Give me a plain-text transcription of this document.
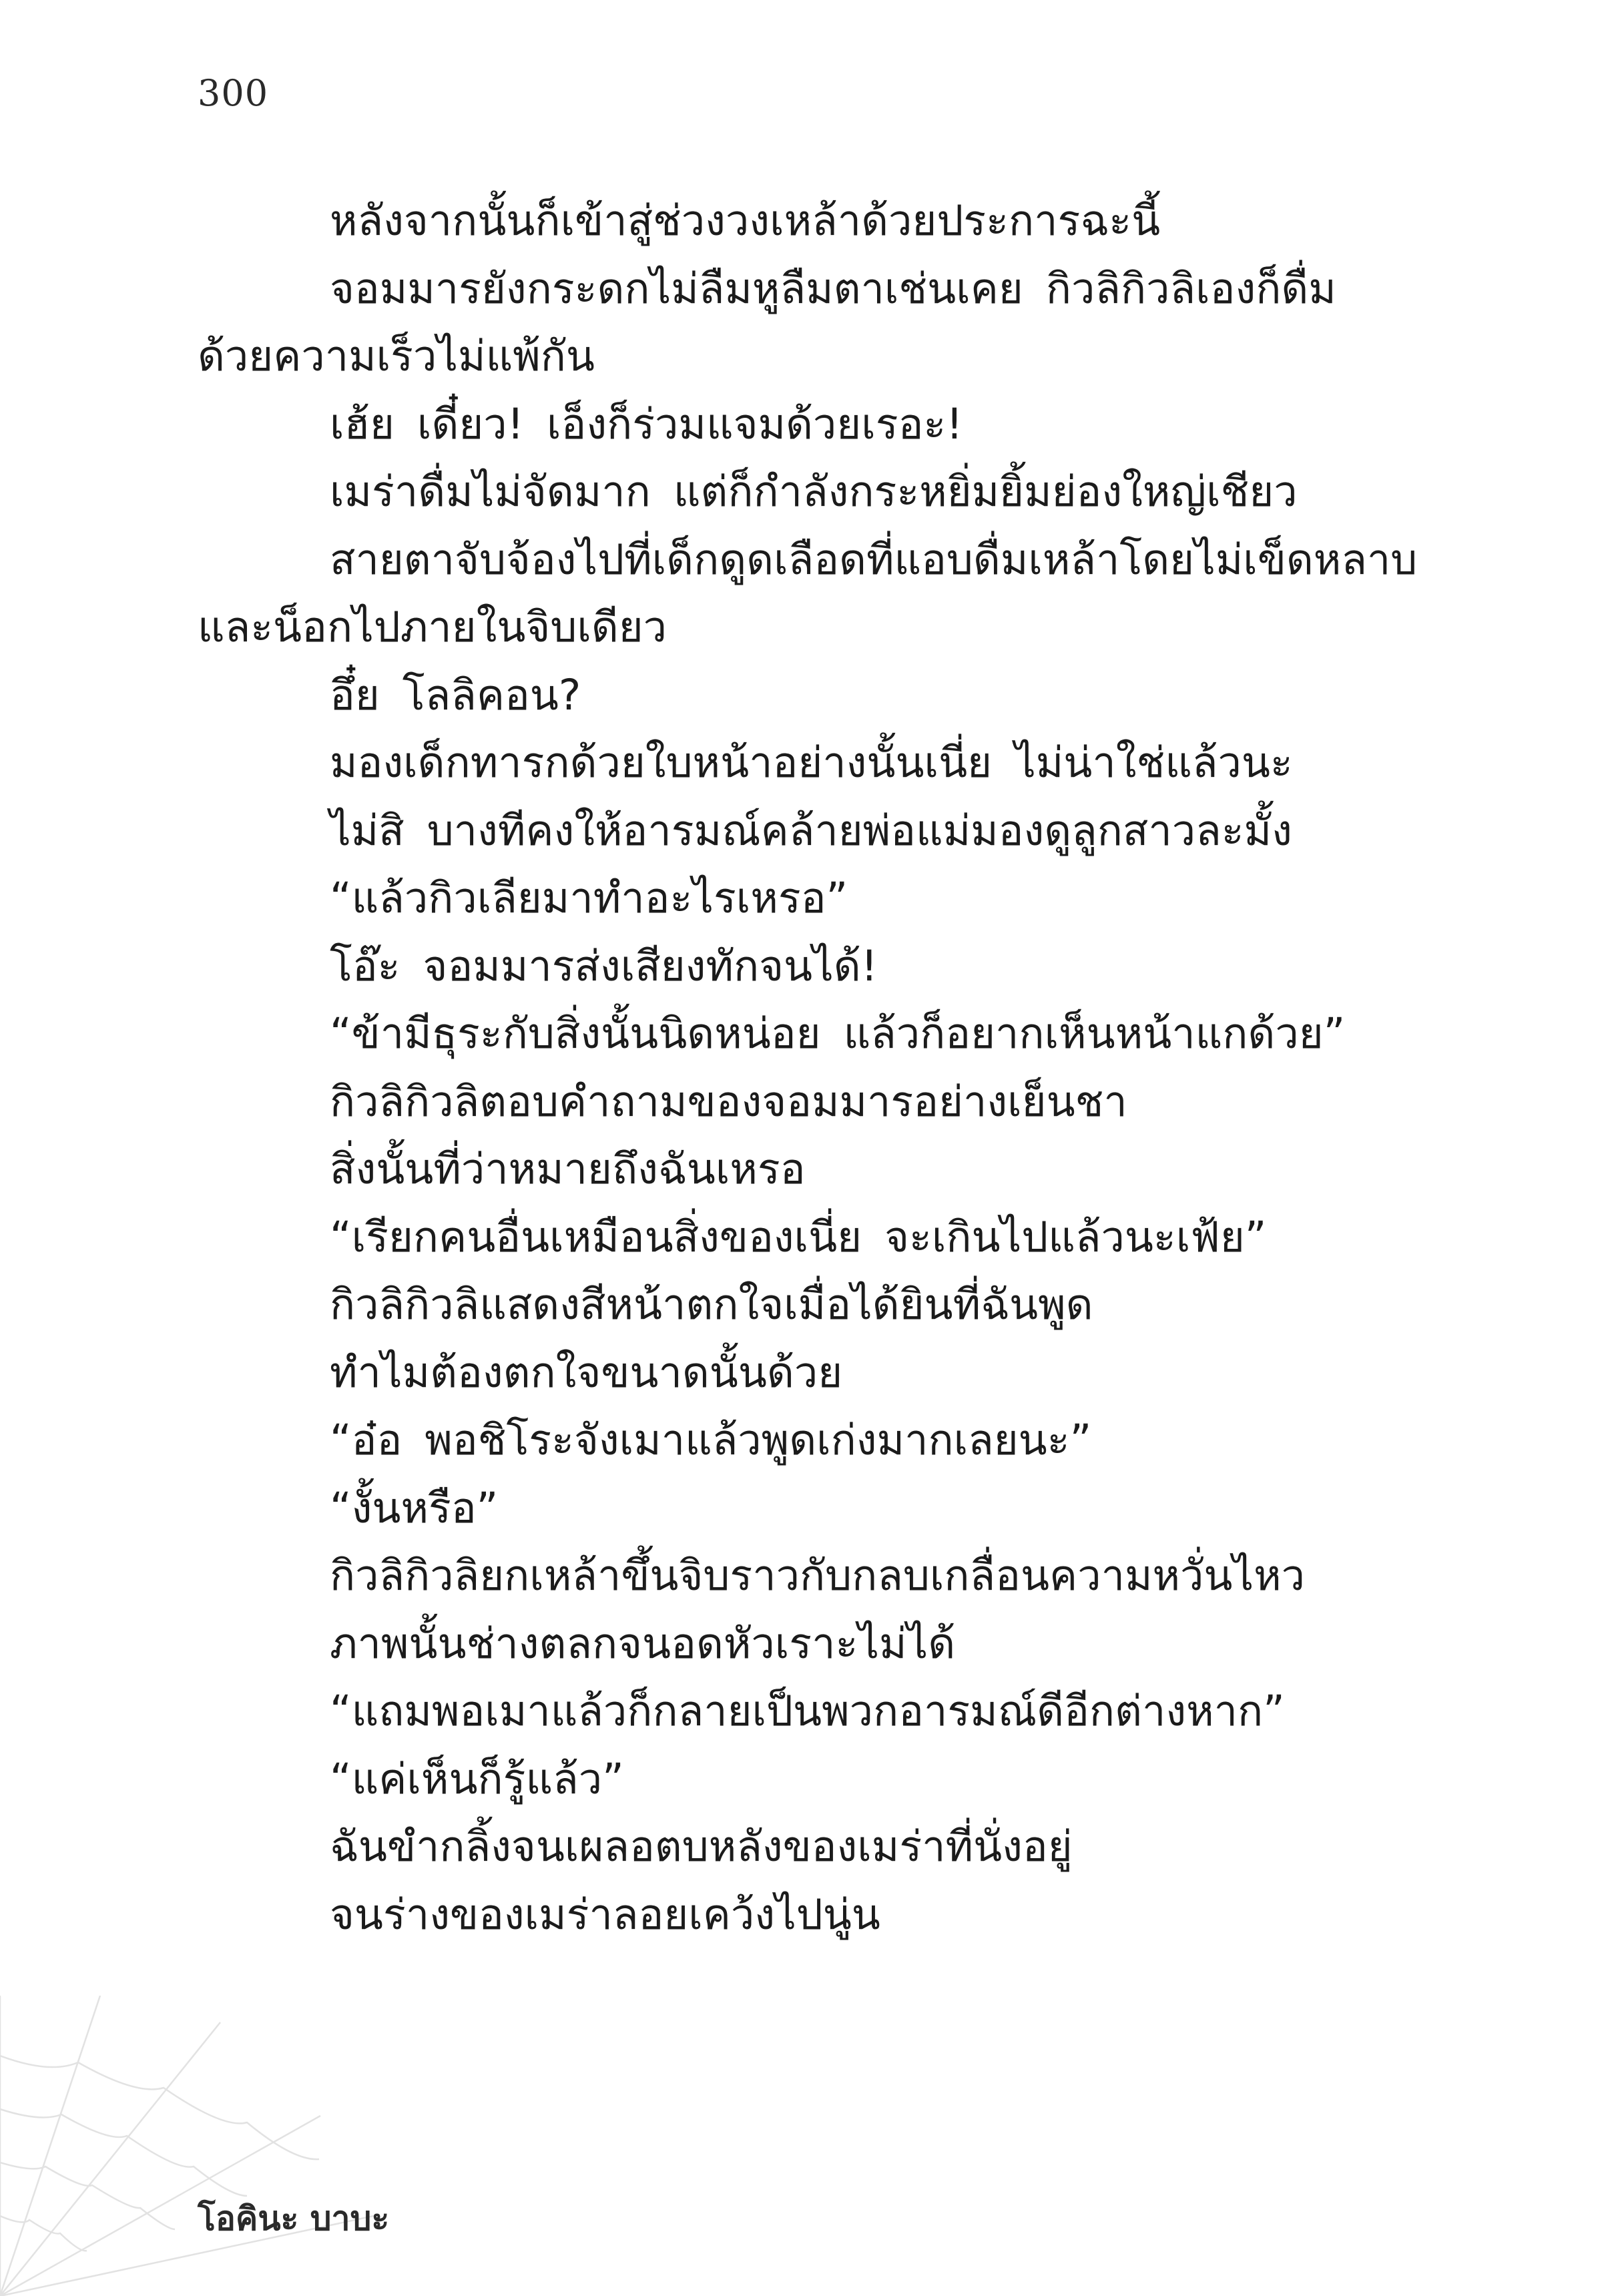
300

หลังจากนั้นก็เข้าสู่ช่วงวงเหล้าด้วยประการฉะนี้

จอมมารยังกระดกไม่ลืมหูลืมตาเช่นเคย กิวลิกิวลิเองก็ดื่ม

ด้วยความเร็วไม่แพ้กัน

เฮ้ย เดี๋ยว! เอ็งก็ร่วมแจมด้วยเรอะ!

เมร่าดื่มไม่จัดมาก แต่ก็กำลังกระหยิ่มยิ้มย่องใหญ่เชียว

สายตาจับจ้องไปที่เด็กดูดเลือดที่แอบดื่มเหล้าโดยไม่เข็ดหลาบ

และน็อกไปภายในจิบเดียว

อึ๋ย โลลิคอน?

มองเด็กทารกด้วยใบหน้าอย่างนั้นเนี่ย ไม่น่าใช่แล้วนะ

ไม่สิ บางทีคงให้อารมณ์คล้ายพ่อแม่มองดูลูกสาวละมั้ง

“แล้วกิวเลียมาทำอะไรเหรอ”

โอ๊ะ จอมมารส่งเสียงทักจนได้!

“ข้ามีธุระกับสิ่งนั้นนิดหน่อย แล้วก็อยากเห็นหน้าแกด้วย”

กิวลิกิวลิตอบคำถามของจอมมารอย่างเย็นชา

สิ่งนั้นที่ว่าหมายถึงฉันเหรอ

“เรียกคนอื่นเหมือนสิ่งของเนี่ย จะเกินไปแล้วนะเฟ้ย”

กิวลิกิวลิแสดงสีหน้าตกใจเมื่อได้ยินที่ฉันพูด

ทำไมต้องตกใจขนาดนั้นด้วย

“อ๋อ พอชิโระจังเมาแล้วพูดเก่งมากเลยนะ”

“งั้นหรือ”

กิวลิกิวลิยกเหล้าขึ้นจิบราวกับกลบเกลื่อนความหวั่นไหว

ภาพนั้นช่างตลกจนอดหัวเราะไม่ได้

“แถมพอเมาแล้วก็กลายเป็นพวกอารมณ์ดีอีกต่างหาก”

“แค่เห็นก็รู้แล้ว”

ฉันขำกลิ้งจนเผลอตบหลังของเมร่าที่นั่งอยู่

จนร่างของเมร่าลอยเคว้งไปนู่น

โอคินะ บาบะ
